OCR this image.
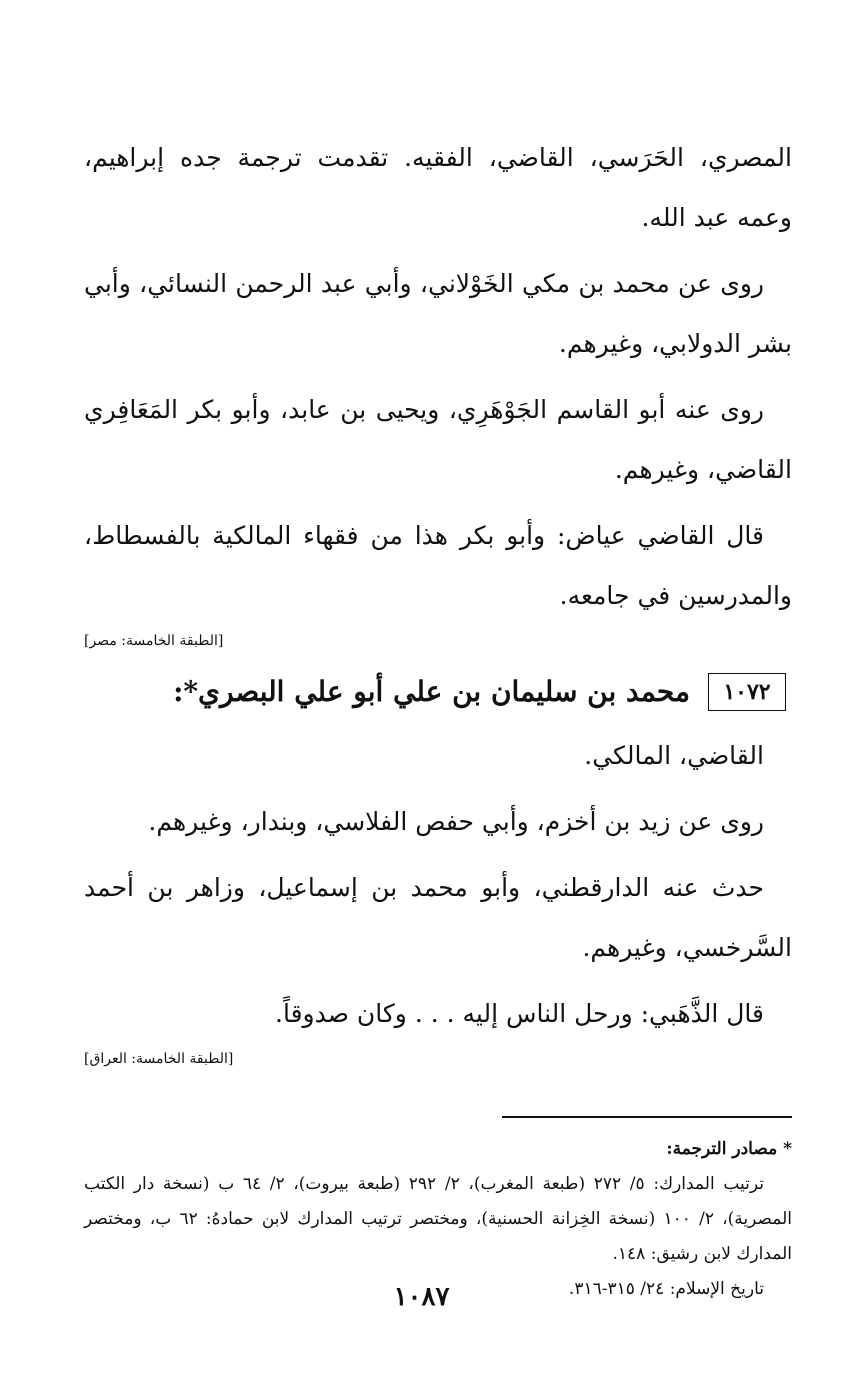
المصري، الحَرَسي، القاضي، الفقيه. تقدمت ترجمة جده إبراهيم، وعمه عبد الله.

روى عن محمد بن مكي الخَوْلاني، وأبي عبد الرحمن النسائي، وأبي بشر الدولابي، وغيرهم.

روى عنه أبو القاسم الجَوْهَرِي، ويحيى بن عابد، وأبو بكر المَعَافِري القاضي، وغيرهم.

قال القاضي عياض: وأبو بكر هذا من فقهاء المالكية بالفسطاط، والمدرسين في جامعه.

[الطبقة الخامسة: مصر]
١٠٧٢
محمد بن سليمان بن علي أبو علي البصري*:

القاضي، المالكي.

روى عن زيد بن أخزم، وأبي حفص الفلاسي، وبندار، وغيرهم.

حدث عنه الدارقطني، وأبو محمد بن إسماعيل، وزاهر بن أحمد السَّرخسي، وغيرهم.

قال الذَّهَبي: ورحل الناس إليه . . . وكان صدوقاً.

[الطبقة الخامسة: العراق]
* مصادر الترجمة:
ترتيب المدارك: ٥/ ٢٧٢ (طبعة المغرب)، ٢/ ٢٩٢ (طبعة بيروت)، ٢/ ٦٤ ب (نسخة دار الكتب المصرية)، ٢/ ١٠٠ (نسخة الخِزانة الحسنية)، ومختصر ترتيب المدارك لابن حمادهُ: ٦٢ ب، ومختصر المدارك لابن رشيق: ١٤٨.
تاريخ الإسلام: ٢٤/ ٣١٥-٣١٦.
١٠٨٧
